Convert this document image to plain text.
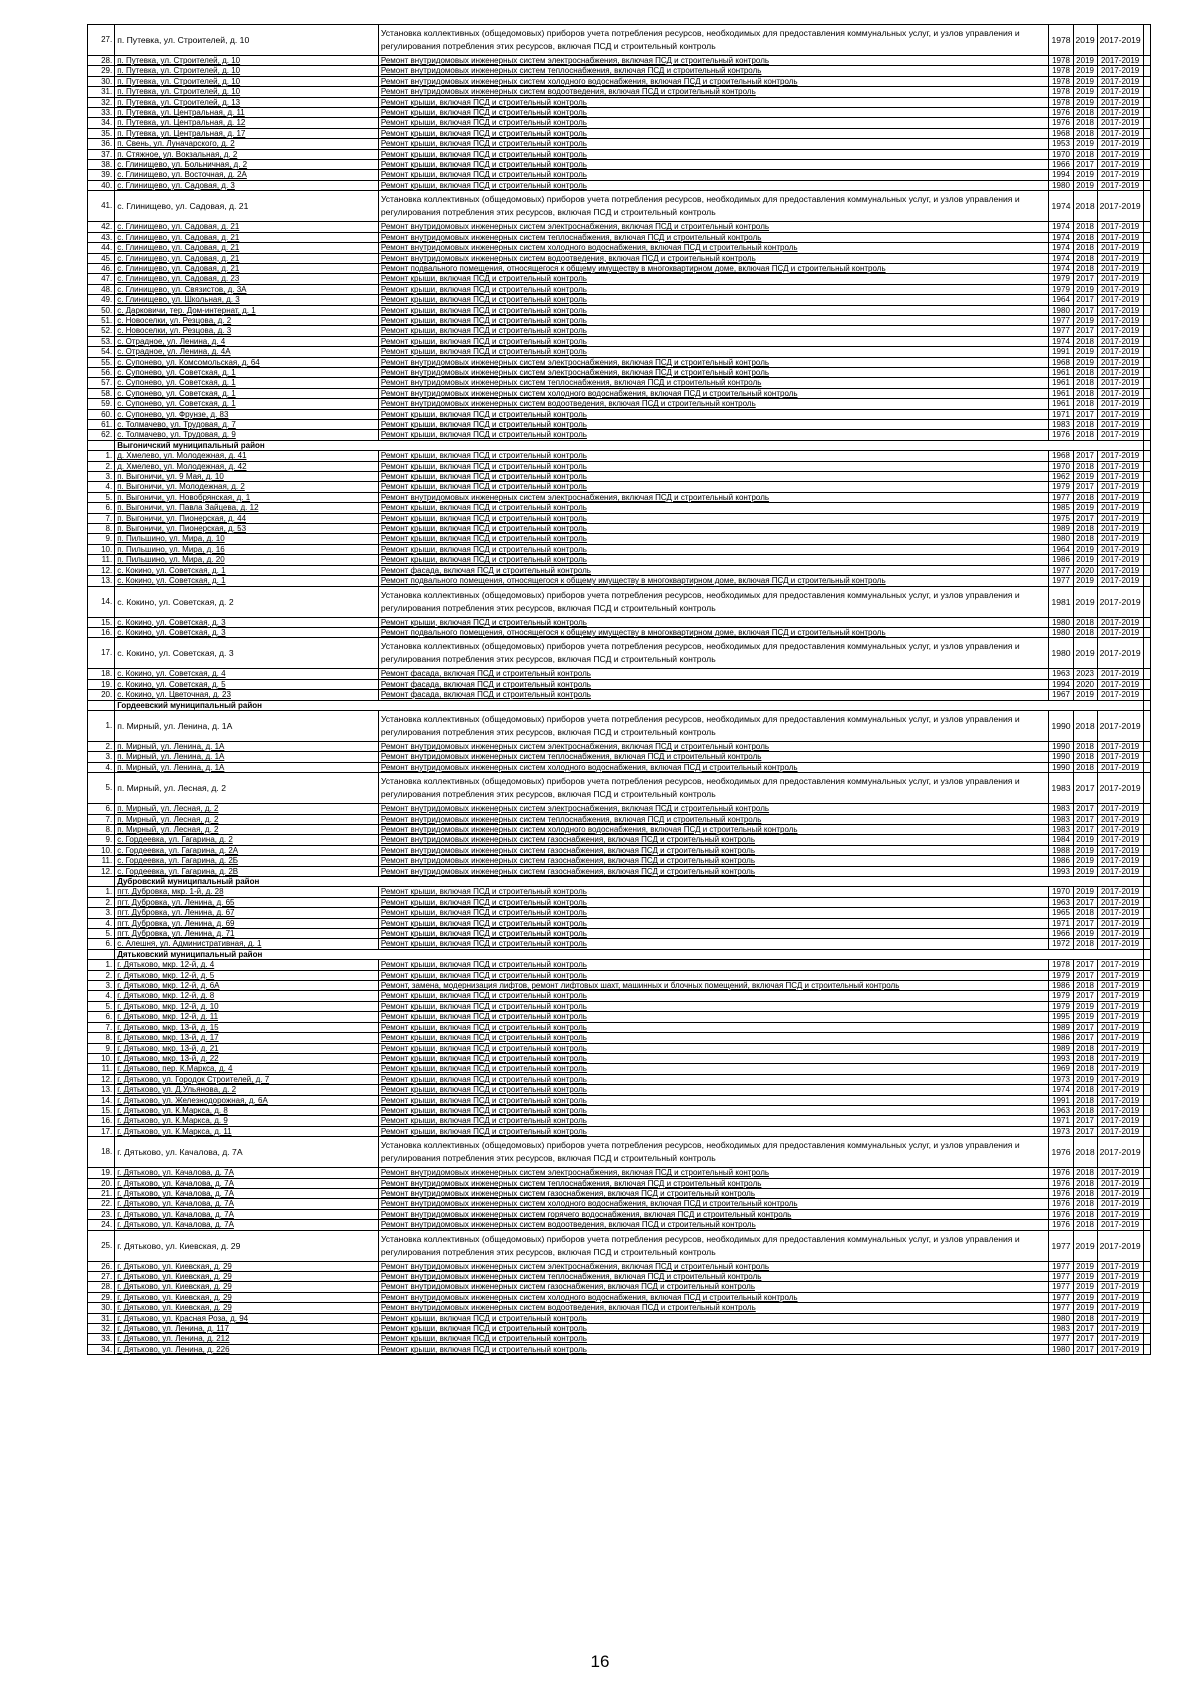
27.	п. Путевка, ул. Строителей, д. 10	Установка коллективных (общедомовых) приборов учета потребления ресурсов, необходимых для предоставления коммунальных услуг, и узлов управления и регулирования потребления этих ресурсов, включая ПСД и строительный контроль	1978	2019	2017-2019	
28.	п. Путевка, ул. Строителей, д. 10	Ремонт внутридомовых инженерных систем электроснабжения, включая ПСД и строительный контроль	1978	2019	2017-2019	
29.	п. Путевка, ул. Строителей, д. 10	Ремонт внутридомовых инженерных систем теплоснабжения, включая ПСД и строительный контроль	1978	2019	2017-2019	
30.	п. Путевка, ул. Строителей, д. 10	Ремонт внутридомовых инженерных систем холодного водоснабжения, включая ПСД и строительный контроль	1978	2019	2017-2019	
31.	п. Путевка, ул. Строителей, д. 10	Ремонт внутридомовых инженерных систем водоотведения, включая ПСД и строительный контроль	1978	2019	2017-2019	
32.	п. Путевка, ул. Строителей, д. 13	Ремонт крыши, включая ПСД и строительный контроль	1978	2019	2017-2019	
33.	п. Путевка, ул. Центральная, д. 11	Ремонт крыши, включая ПСД и строительный контроль	1976	2018	2017-2019	
34.	п. Путевка, ул. Центральная, д. 12	Ремонт крыши, включая ПСД и строительный контроль	1976	2018	2017-2019	
35.	п. Путевка, ул. Центральная, д. 17	Ремонт крыши, включая ПСД и строительный контроль	1968	2018	2017-2019	
36.	п. Свень, ул. Луначарского, д. 2	Ремонт крыши, включая ПСД и строительный контроль	1953	2019	2017-2019	
37.	п. Стяжное, ул. Вокзальная, д. 2	Ремонт крыши, включая ПСД и строительный контроль	1970	2018	2017-2019	
38.	с. Глинищево, ул. Больничная, д. 2	Ремонт крыши, включая ПСД и строительный контроль	1966	2017	2017-2019	
39.	с. Глинищево, ул. Восточная, д. 2А	Ремонт крыши, включая ПСД и строительный контроль	1994	2019	2017-2019	
40.	с. Глинищево, ул. Садовая, д. 3	Ремонт крыши, включая ПСД и строительный контроль	1980	2019	2017-2019	
41.	с. Глинищево, ул. Садовая, д. 21	Установка коллективных (общедомовых) приборов учета потребления ресурсов, необходимых для предоставления коммунальных услуг, и узлов управления и регулирования потребления этих ресурсов, включая ПСД и строительный контроль	1974	2018	2017-2019	
42.	с. Глинищево, ул. Садовая, д. 21	Ремонт внутридомовых инженерных систем электроснабжения, включая ПСД и строительный контроль	1974	2018	2017-2019	
43.	с. Глинищево, ул. Садовая, д. 21	Ремонт внутридомовых инженерных систем теплоснабжения, включая ПСД и строительный контроль	1974	2018	2017-2019	
44.	с. Глинищево, ул. Садовая, д. 21	Ремонт внутридомовых инженерных систем холодного водоснабжения, включая ПСД и строительный контроль	1974	2018	2017-2019	
45.	с. Глинищево, ул. Садовая, д. 21	Ремонт внутридомовых инженерных систем водоотведения, включая ПСД и строительный контроль	1974	2018	2017-2019	
46.	с. Глинищево, ул. Садовая, д. 21	Ремонт подвального помещения, относящегося к общему имуществу в многоквартирном доме, включая ПСД и строительный контроль	1974	2018	2017-2019	
47.	с. Глинищево, ул. Садовая, д. 23	Ремонт крыши, включая ПСД и строительный контроль	1979	2017	2017-2019	
48.	с. Глинищево, ул. Связистов, д. 3А	Ремонт крыши, включая ПСД и строительный контроль	1979	2019	2017-2019	
49.	с. Глинищево, ул. Школьная, д. 3	Ремонт крыши, включая ПСД и строительный контроль	1964	2017	2017-2019	
50.	с. Дарковичи, тер. Дом-интернат, д. 1	Ремонт крыши, включая ПСД и строительный контроль	1980	2017	2017-2019	
51.	с. Новоселки, ул. Резцова, д. 2	Ремонт крыши, включая ПСД и строительный контроль	1977	2019	2017-2019	
52.	с. Новоселки, ул. Резцова, д. 3	Ремонт крыши, включая ПСД и строительный контроль	1977	2017	2017-2019	
53.	с. Отрадное, ул. Ленина, д. 4	Ремонт крыши, включая ПСД и строительный контроль	1974	2018	2017-2019	
54.	с. Отрадное, ул. Ленина, д. 4А	Ремонт крыши, включая ПСД и строительный контроль	1991	2019	2017-2019	
55.	с. Супонево, ул. Комсомольская, д. 64	Ремонт внутридомовых инженерных систем электроснабжения, включая ПСД и строительный контроль	1968	2019	2017-2019	
56.	с. Супонево, ул. Советская, д. 1	Ремонт внутридомовых инженерных систем электроснабжения, включая ПСД и строительный контроль	1961	2018	2017-2019	
57.	с. Супонево, ул. Советская, д. 1	Ремонт внутридомовых инженерных систем теплоснабжения, включая ПСД и строительный контроль	1961	2018	2017-2019	
58.	с. Супонево, ул. Советская, д. 1	Ремонт внутридомовых инженерных систем холодного водоснабжения, включая ПСД и строительный контроль	1961	2018	2017-2019	
59.	с. Супонево, ул. Советская, д. 1	Ремонт внутридомовых инженерных систем водоотведения, включая ПСД и строительный контроль	1961	2018	2017-2019	
60.	с. Супонево, ул. Фрунзе, д. 83	Ремонт крыши, включая ПСД и строительный контроль	1971	2017	2017-2019	
61.	с. Толмачево, ул. Трудовая, д. 7	Ремонт крыши, включая ПСД и строительный контроль	1983	2018	2017-2019	
62.	с. Толмачево, ул. Трудовая, д. 9	Ремонт крыши, включая ПСД и строительный контроль	1976	2018	2017-2019	
	Выгоничский муниципальный район					
1.	д. Хмелево, ул. Молодежная, д. 41	Ремонт крыши, включая ПСД и строительный контроль	1968	2017	2017-2019	
2.	д. Хмелево, ул. Молодежная, д. 42	Ремонт крыши, включая ПСД и строительный контроль	1970	2018	2017-2019	
3.	п. Выгоничи, ул. 9 Мая, д. 10	Ремонт крыши, включая ПСД и строительный контроль	1962	2019	2017-2019	
4.	п. Выгоничи, ул. Молодежная, д. 2	Ремонт крыши, включая ПСД и строительный контроль	1979	2017	2017-2019	
5.	п. Выгоничи, ул. Новобрянская, д. 1	Ремонт внутридомовых инженерных систем электроснабжения, включая ПСД и строительный контроль	1977	2018	2017-2019	
6.	п. Выгоничи, ул. Павла Зайцева, д. 12	Ремонт крыши, включая ПСД и строительный контроль	1985	2019	2017-2019	
7.	п. Выгоничи, ул. Пионерская, д. 44	Ремонт крыши, включая ПСД и строительный контроль	1975	2017	2017-2019	
8.	п. Выгоничи, ул. Пионерская, д. 53	Ремонт крыши, включая ПСД и строительный контроль	1989	2018	2017-2019	
9.	п. Пильшино, ул. Мира, д. 10	Ремонт крыши, включая ПСД и строительный контроль	1980	2018	2017-2019	
10.	п. Пильшино, ул. Мира, д. 16	Ремонт крыши, включая ПСД и строительный контроль	1964	2019	2017-2019	
11.	п. Пильшино, ул. Мира, д. 20	Ремонт крыши, включая ПСД и строительный контроль	1986	2019	2017-2019	
12.	с. Кокино, ул. Советская, д. 1	Ремонт фасада, включая ПСД и строительный контроль	1977	2020	2017-2019	
13.	с. Кокино, ул. Советская, д. 1	Ремонт подвального помещения, относящегося к общему имуществу в многоквартирном доме, включая ПСД и строительный контроль	1977	2019	2017-2019	
14.	с. Кокино, ул. Советская, д. 2	Установка коллективных (общедомовых) приборов учета потребления ресурсов, необходимых для предоставления коммунальных услуг, и узлов управления и регулирования потребления этих ресурсов, включая ПСД и строительный контроль	1981	2019	2017-2019	
15.	с. Кокино, ул. Советская, д. 3	Ремонт крыши, включая ПСД и строительный контроль	1980	2018	2017-2019	
16.	с. Кокино, ул. Советская, д. 3	Ремонт подвального помещения, относящегося к общему имуществу в многоквартирном доме, включая ПСД и строительный контроль	1980	2018	2017-2019	
17.	с. Кокино, ул. Советская, д. 3	Установка коллективных (общедомовых) приборов учета потребления ресурсов, необходимых для предоставления коммунальных услуг, и узлов управления и регулирования потребления этих ресурсов, включая ПСД и строительный контроль	1980	2019	2017-2019	
18.	с. Кокино, ул. Советская, д. 4	Ремонт фасада, включая ПСД и строительный контроль	1963	2023	2017-2019	
19.	с. Кокино, ул. Советская, д. 5	Ремонт фасада, включая ПСД и строительный контроль	1994	2020	2017-2019	
20.	с. Кокино, ул. Цветочная, д. 23	Ремонт фасада, включая ПСД и строительный контроль	1967	2019	2017-2019	
	Гордеевский муниципальный район					
1.	п. Мирный, ул. Ленина, д. 1А	Установка коллективных (общедомовых) приборов учета потребления ресурсов, необходимых для предоставления коммунальных услуг, и узлов управления и регулирования потребления этих ресурсов, включая ПСД и строительный контроль	1990	2018	2017-2019	
2.	п. Мирный, ул. Ленина, д. 1А	Ремонт внутридомовых инженерных систем электроснабжения, включая ПСД и строительный контроль	1990	2018	2017-2019	
3.	п. Мирный, ул. Ленина, д. 1А	Ремонт внутридомовых инженерных систем теплоснабжения, включая ПСД и строительный контроль	1990	2018	2017-2019	
4.	п. Мирный, ул. Ленина, д. 1А	Ремонт внутридомовых инженерных систем холодного водоснабжения, включая ПСД и строительный контроль	1990	2018	2017-2019	
5.	п. Мирный, ул. Лесная, д. 2	Установка коллективных (общедомовых) приборов учета потребления ресурсов, необходимых для предоставления коммунальных услуг, и узлов управления и регулирования потребления этих ресурсов, включая ПСД и строительный контроль	1983	2017	2017-2019	
6.	п. Мирный, ул. Лесная, д. 2	Ремонт внутридомовых инженерных систем электроснабжения, включая ПСД и строительный контроль	1983	2017	2017-2019	
7.	п. Мирный, ул. Лесная, д. 2	Ремонт внутридомовых инженерных систем теплоснабжения, включая ПСД и строительный контроль	1983	2017	2017-2019	
8.	п. Мирный, ул. Лесная, д. 2	Ремонт внутридомовых инженерных систем холодного водоснабжения, включая ПСД и строительный контроль	1983	2017	2017-2019	
9.	с. Гордеевка, ул. Гагарина, д. 2	Ремонт внутридомовых инженерных систем газоснабжения, включая ПСД и строительный контроль	1984	2019	2017-2019	
10.	с. Гордеевка, ул. Гагарина, д. 2А	Ремонт внутридомовых инженерных систем газоснабжения, включая ПСД и строительный контроль	1988	2019	2017-2019	
11.	с. Гордеевка, ул. Гагарина, д. 2Б	Ремонт внутридомовых инженерных систем газоснабжения, включая ПСД и строительный контроль	1986	2019	2017-2019	
12.	с. Гордеевка, ул. Гагарина, д. 2В	Ремонт внутридомовых инженерных систем газоснабжения, включая ПСД и строительный контроль	1993	2019	2017-2019	
	Дубровский муниципальный район					
1.	пгт. Дубровка, мкр. 1-й, д. 28	Ремонт крыши, включая ПСД и строительный контроль	1970	2019	2017-2019	
2.	пгт. Дубровка, ул. Ленина, д. 65	Ремонт крыши, включая ПСД и строительный контроль	1963	2017	2017-2019	
3.	пгт. Дубровка, ул. Ленина, д. 67	Ремонт крыши, включая ПСД и строительный контроль	1965	2018	2017-2019	
4.	пгт. Дубровка, ул. Ленина, д. 69	Ремонт крыши, включая ПСД и строительный контроль	1971	2017	2017-2019	
5.	пгт. Дубровка, ул. Ленина, д. 71	Ремонт крыши, включая ПСД и строительный контроль	1966	2019	2017-2019	
6.	с. Алешня, ул. Административная, д. 1	Ремонт крыши, включая ПСД и строительный контроль	1972	2018	2017-2019	
	Дятьковский муниципальный район					
1.	г. Дятьково, мкр. 12-й, д. 4	Ремонт крыши, включая ПСД и строительный контроль	1978	2017	2017-2019	
2.	г. Дятьково, мкр. 12-й, д. 5	Ремонт крыши, включая ПСД и строительный контроль	1979	2017	2017-2019	
3.	г. Дятьково, мкр. 12-й, д. 6А	Ремонт, замена, модернизация лифтов, ремонт лифтовых шахт, машинных и блочных помещений, включая ПСД и строительный контроль	1986	2018	2017-2019	
4.	г. Дятьково, мкр. 12-й, д. 8	Ремонт крыши, включая ПСД и строительный контроль	1979	2017	2017-2019	
5.	г. Дятьково, мкр. 12-й, д. 10	Ремонт крыши, включая ПСД и строительный контроль	1979	2019	2017-2019	
6.	г. Дятьково, мкр. 12-й, д. 11	Ремонт крыши, включая ПСД и строительный контроль	1995	2019	2017-2019	
7.	г. Дятьково, мкр. 13-й, д. 15	Ремонт крыши, включая ПСД и строительный контроль	1989	2017	2017-2019	
8.	г. Дятьково, мкр. 13-й, д. 17	Ремонт крыши, включая ПСД и строительный контроль	1986	2017	2017-2019	
9.	г. Дятьково, мкр. 13-й, д. 21	Ремонт крыши, включая ПСД и строительный контроль	1989	2018	2017-2019	
10.	г. Дятьково, мкр. 13-й, д. 22	Ремонт крыши, включая ПСД и строительный контроль	1993	2018	2017-2019	
11.	г. Дятьково, пер. К.Маркса, д. 4	Ремонт крыши, включая ПСД и строительный контроль	1969	2018	2017-2019	
12.	г. Дятьково, ул. Городок Строителей, д. 7	Ремонт крыши, включая ПСД и строительный контроль	1973	2019	2017-2019	
13.	г. Дятьково, ул. Д.Ульянова, д. 2	Ремонт крыши, включая ПСД и строительный контроль	1974	2018	2017-2019	
14.	г. Дятьково, ул. Железнодорожная, д. 6А	Ремонт крыши, включая ПСД и строительный контроль	1991	2018	2017-2019	
15.	г. Дятьково, ул. К.Маркса, д. 8	Ремонт крыши, включая ПСД и строительный контроль	1963	2018	2017-2019	
16.	г. Дятьково, ул. К.Маркса, д. 9	Ремонт крыши, включая ПСД и строительный контроль	1971	2017	2017-2019	
17.	г. Дятьково, ул. К.Маркса, д. 11	Ремонт крыши, включая ПСД и строительный контроль	1973	2017	2017-2019	
18.	г. Дятьково, ул. Качалова, д. 7А	Установка коллективных (общедомовых) приборов учета потребления ресурсов, необходимых для предоставления коммунальных услуг, и узлов управления и регулирования потребления этих ресурсов, включая ПСД и строительный контроль	1976	2018	2017-2019	
19.	г. Дятьково, ул. Качалова, д. 7А	Ремонт внутридомовых инженерных систем электроснабжения, включая ПСД и строительный контроль	1976	2018	2017-2019	
20.	г. Дятьково, ул. Качалова, д. 7А	Ремонт внутридомовых инженерных систем теплоснабжения, включая ПСД и строительный контроль	1976	2018	2017-2019	
21.	г. Дятьково, ул. Качалова, д. 7А	Ремонт внутридомовых инженерных систем газоснабжения, включая ПСД и строительный контроль	1976	2018	2017-2019	
22.	г. Дятьково, ул. Качалова, д. 7А	Ремонт внутридомовых инженерных систем холодного водоснабжения, включая ПСД и строительный контроль	1976	2018	2017-2019	
23.	г. Дятьково, ул. Качалова, д. 7А	Ремонт внутридомовых инженерных систем горячего водоснабжения, включая ПСД и строительный контроль	1976	2018	2017-2019	
24.	г. Дятьково, ул. Качалова, д. 7А	Ремонт внутридомовых инженерных систем водоотведения, включая ПСД и строительный контроль	1976	2018	2017-2019	
25.	г. Дятьково, ул. Киевская, д. 29	Установка коллективных (общедомовых) приборов учета потребления ресурсов, необходимых для предоставления коммунальных услуг, и узлов управления и регулирования потребления этих ресурсов, включая ПСД и строительный контроль	1977	2019	2017-2019	
26.	г. Дятьково, ул. Киевская, д. 29	Ремонт внутридомовых инженерных систем электроснабжения, включая ПСД и строительный контроль	1977	2019	2017-2019	
27.	г. Дятьково, ул. Киевская, д. 29	Ремонт внутридомовых инженерных систем теплоснабжения, включая ПСД и строительный контроль	1977	2019	2017-2019	
28.	г. Дятьково, ул. Киевская, д. 29	Ремонт внутридомовых инженерных систем газоснабжения, включая ПСД и строительный контроль	1977	2019	2017-2019	
29.	г. Дятьково, ул. Киевская, д. 29	Ремонт внутридомовых инженерных систем холодного водоснабжения, включая ПСД и строительный контроль	1977	2019	2017-2019	
30.	г. Дятьково, ул. Киевская, д. 29	Ремонт внутридомовых инженерных систем водоотведения, включая ПСД и строительный контроль	1977	2019	2017-2019	
31.	г. Дятьково, ул. Красная Роза, д. 94	Ремонт крыши, включая ПСД и строительный контроль	1980	2018	2017-2019	
32.	г. Дятьково, ул. Ленина, д. 117	Ремонт крыши, включая ПСД и строительный контроль	1983	2017	2017-2019	
33.	г. Дятьково, ул. Ленина, д. 212	Ремонт крыши, включая ПСД и строительный контроль	1977	2017	2017-2019	
34.	г. Дятьково, ул. Ленина, д. 226	Ремонт крыши, включая ПСД и строительный контроль	1980	2017	2017-2019	
16
